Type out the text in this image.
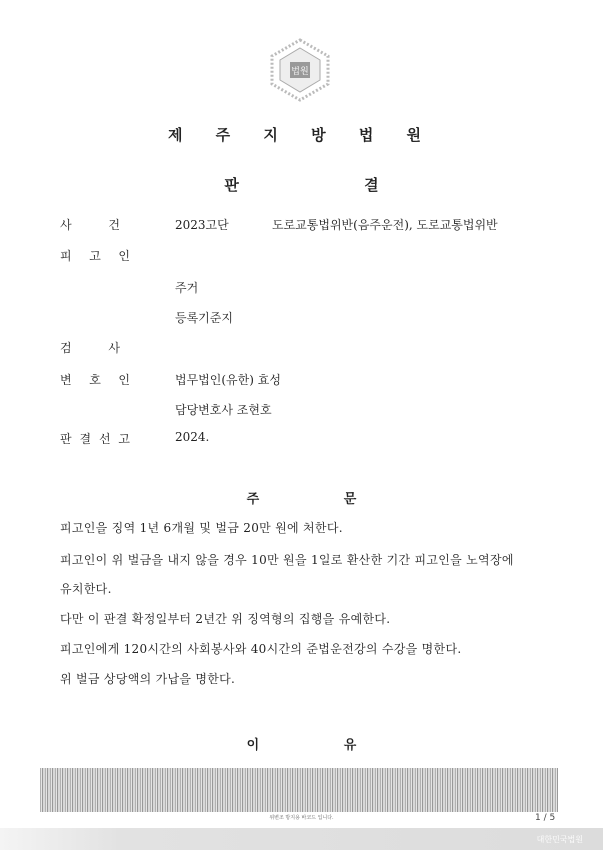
법원
제 주 지 방 법 원
판 결
사	건	2023고단	도로교통법위반(음주운전), 도로교통법위반
피 고 인
주거
등록기준지
검	사
변 호 인	법무법인(유한) 효성
담당변호사 조현호
판 결 선 고	2024.
주 문
피고인을 징역 1년 6개월 및 벌금 20만 원에 처한다.
피고인이 위 벌금을 내지 않을 경우 10만 원을 1일로 환산한 기간 피고인을 노역장에
유치한다.
다만 이 판결 확정일부터 2년간 위 징역형의 집행을 유예한다.
피고인에게 120시간의 사회봉사와 40시간의 준법운전강의 수강을 명한다.
위 벌금 상당액의 가납을 명한다.
이 유
위변조 방지용 바코드 입니다.	1 / 5
대한민국법원
